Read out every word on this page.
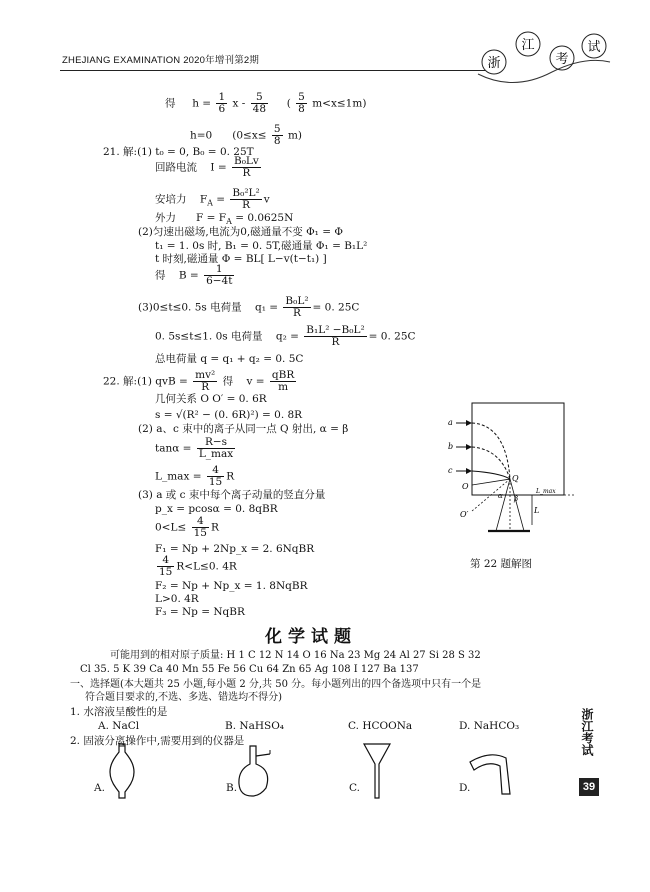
ZHEJIANG EXAMINATION 2020年增刊第2期	浙
江
考
试
得 $h = \frac{1}{6}$ x - $\frac{5}{48}$ ( $\frac{5}{8} m<x\le 1m$)
h=0 $(0\le x\le \frac{5}{8} m)$
21. 解:(1) t₀ = 0, B₀ = 0. 25T
回路电流 $I = \frac{\text{B₀Lv}}{R}$
安培力 $F_A = \frac{\text{B₀²L²}}{R}$ v
外力 $F = F_A = 0.0625N$
(2)匀速出磁场,电流为0,磁通量不变 Φ₁ = Φ
t₁ = 1. 0s 时, B₁ = 0. 5T,磁通量 Φ₁ = B₁L²
t 时刻,磁通量 Φ = BL[ L−v(t−t₁) ]
得 $B = \frac{1}{6-4t}$
(3)0≤t≤0. 5s 电荷量 $q_1 = \frac{\text{B₀L²}}{R} = 0$. 25C
0. 5s≤t≤1. 0s 电荷量 $q_2 = \frac{\text{B₁L² −B₀L²}}{R} = 0$. 25C
总电荷量 q = q₁ + q₂ = 0. 5C
22. 解:(1) qvB = $\frac{\text{mv²}}{R}$ 得 $v = \frac{\text{qBR}}{m}$
几何关系 O O′ = 0. 6R
s = √(R² − (0. 6R)²) = 0. 8R
(2) a、c 束中的离子从同一点 Q 射出, α = β
$\tan\alpha = \frac{R-s}{L\_\max}$
L_max = $\frac{4}{15}$ R
(3) a 或 c 束中每个离子动量的竖直分量
p_x = pcosα = 0. 8qBR
$0<L\le \frac{4}{15}$ R
F₁ = Np + 2Np_x = 2. 6NqBR
$\frac{4}{15} R<L\le 0$. 4R
F₂ = Np + Np_x = 1. 8NqBR
L>0. 4R
F₃ = Np = NqBR
a
b
c
O
Q
O′
α β
L
L_max
第 22 题解图
化学试题
可能用到的相对原子质量: H 1 C 12 N 14 O 16 Na 23 Mg 24 Al 27 Si 28 S 32
Cl 35. 5 K 39 Ca 40 Mn 55 Fe 56 Cu 64 Zn 65 Ag 108 I 127 Ba 137
一、选择题(本大题共 25 小题,每小题 2 分,共 50 分。每小题列出的四个备选项中只有一个是
符合题目要求的,不选、多选、错选均不得分)
1. 水溶液呈酸性的是
A. NaCl	B. NaHSO₄	C. HCOONa	D. NaHCO₃
2. 固液分离操作中,需要用到的仪器是
A.	B.	C.	D.
浙江考试
39
